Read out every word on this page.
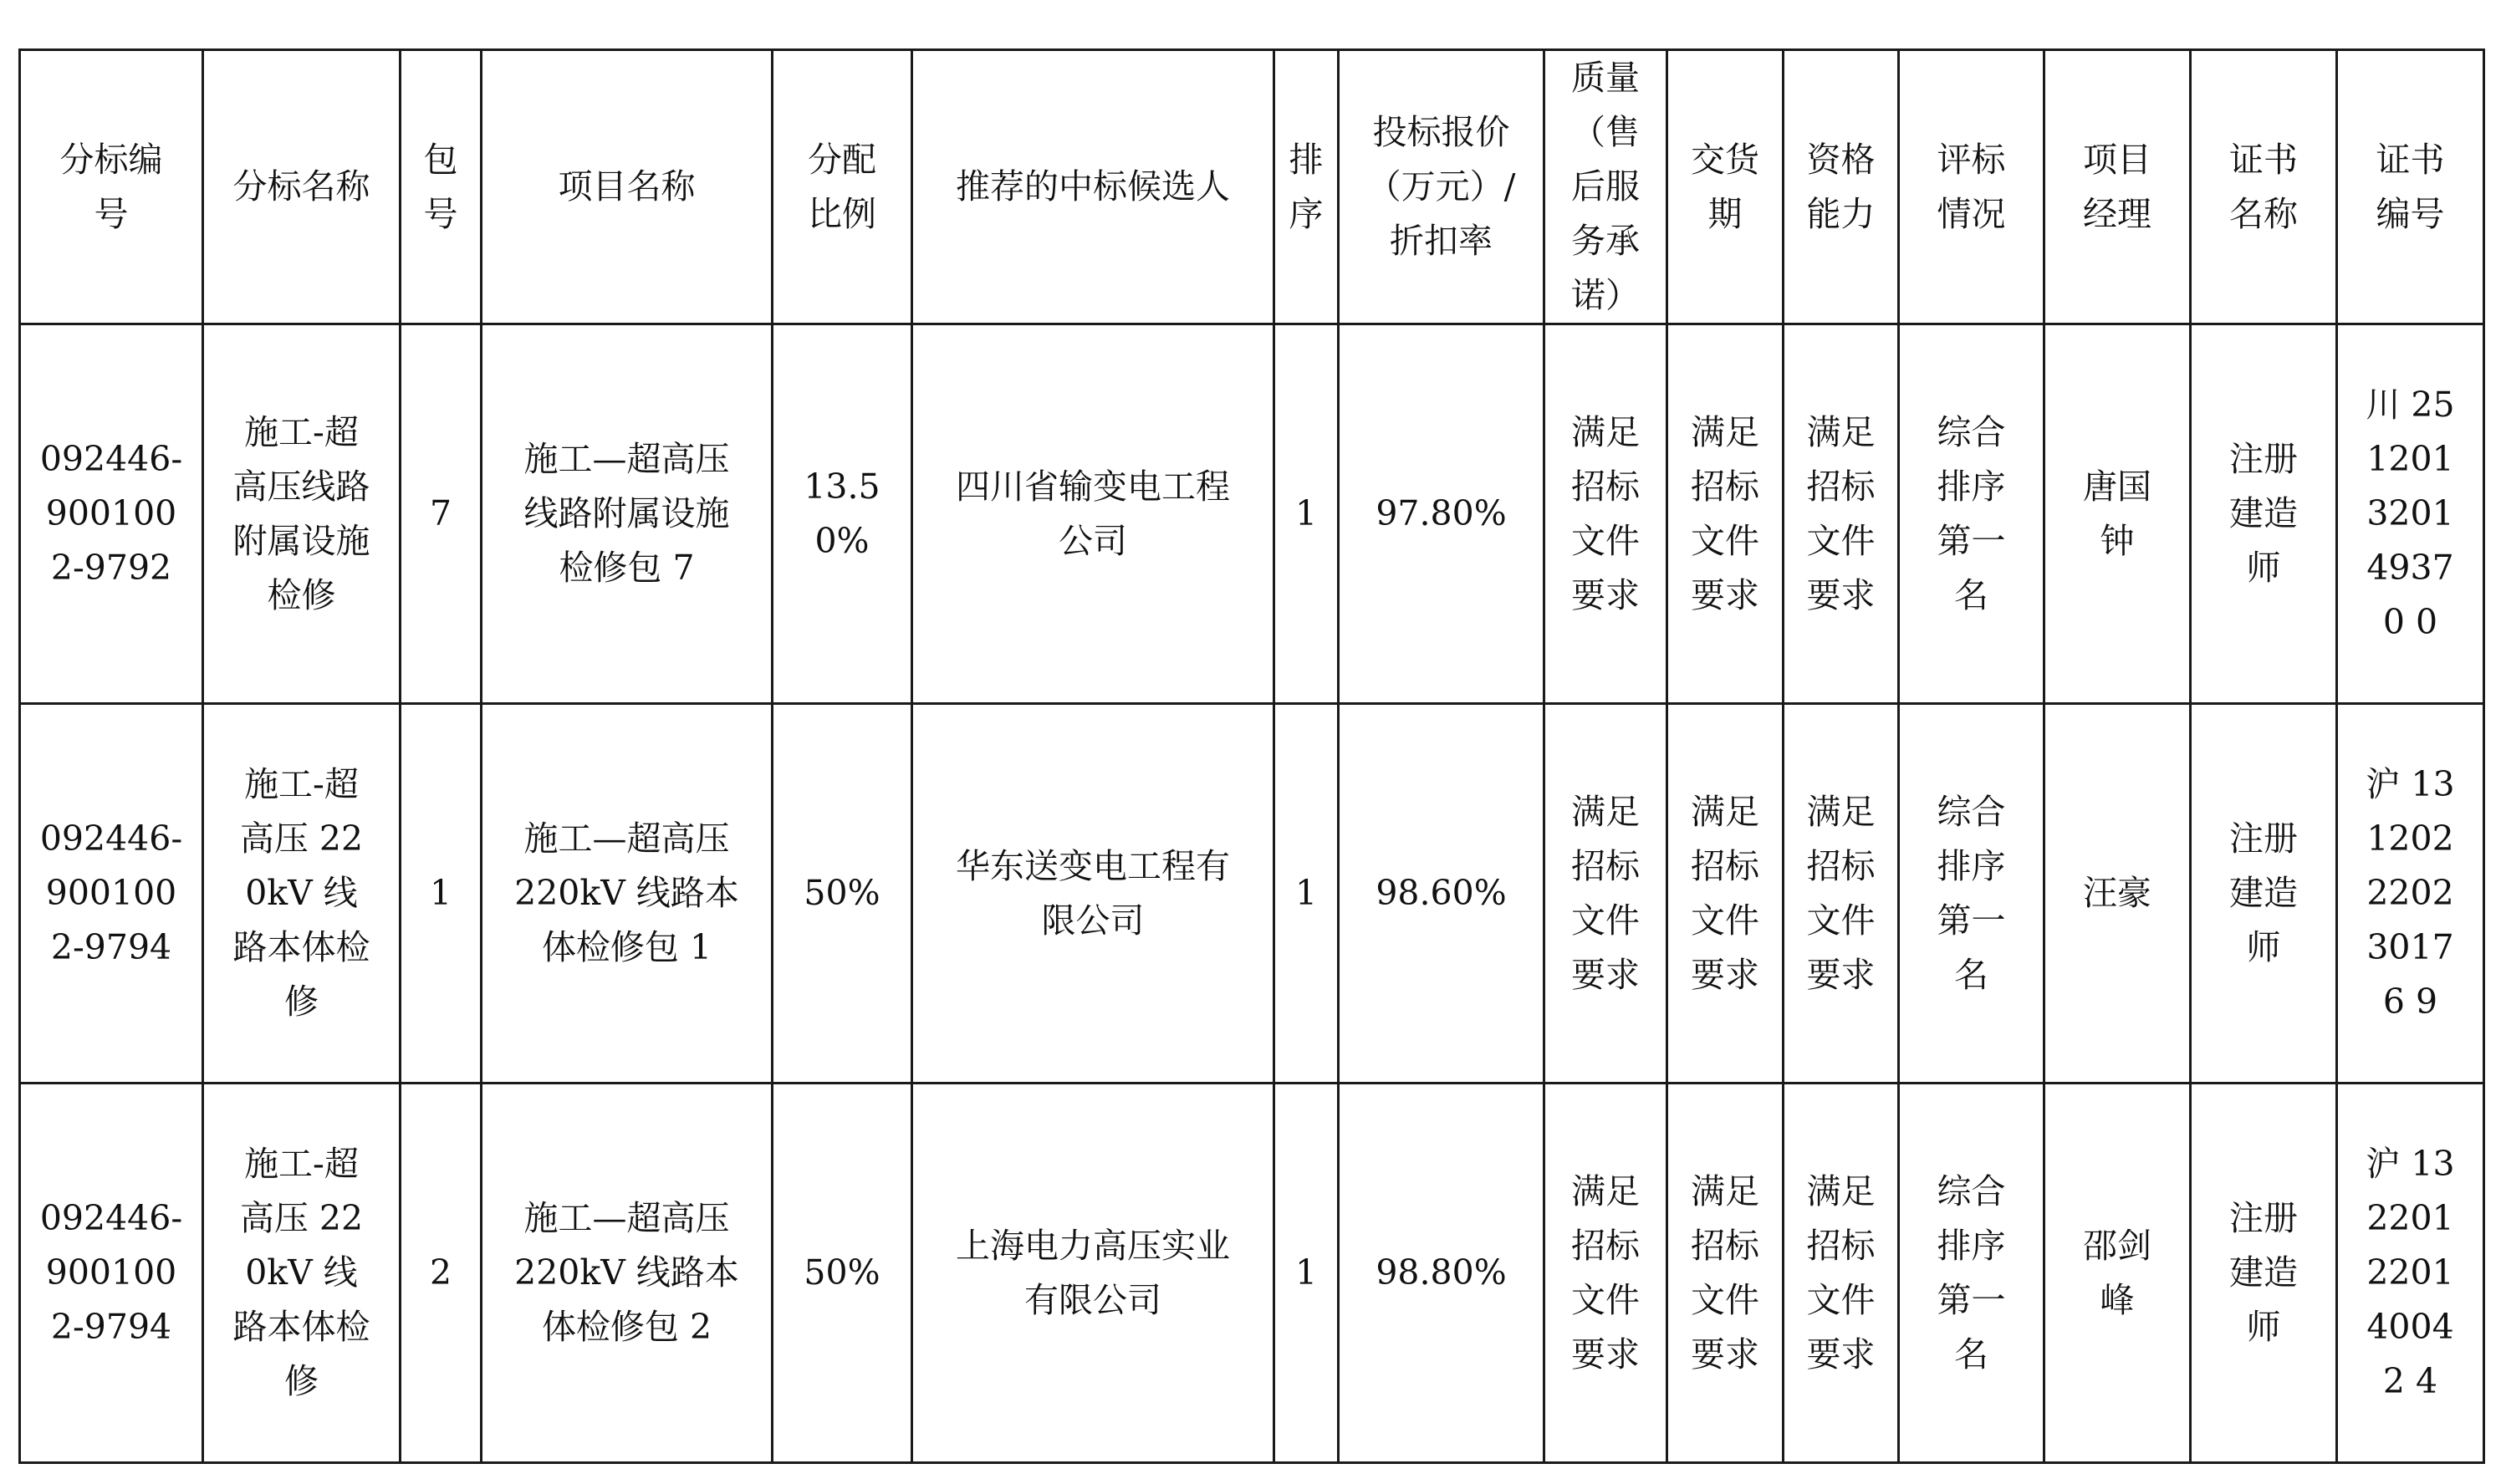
分标编号	分标名称	包号	项目名称	分配比例	推荐的中标候选人	排序	投标报价（万元）/折扣率	质量（售后服务承诺）	交货期	资格能力	评标情况	项目经理	证书名称	证书编号
092446-9001002-9792	施工-超高压线路附属设施检修	7	施工—超高压线路附属设施检修包 7	13.50%	四川省输变电工程公司	1	97.80%	满足招标文件要求	满足招标文件要求	满足招标文件要求	综合排序第一名	唐国钟	注册建造师	川 251201320149370 0
092446-9001002-9794	施工-超高压 220kV 线路本体检修	1	施工—超高压 220kV 线路本体检修包 1	50%	华东送变电工程有限公司	1	98.60%	满足招标文件要求	满足招标文件要求	满足招标文件要求	综合排序第一名	汪豪	注册建造师	沪 131202220230176 9
092446-9001002-9794	施工-超高压 220kV 线路本体检修	2	施工—超高压 220kV 线路本体检修包 2	50%	上海电力高压实业有限公司	1	98.80%	满足招标文件要求	满足招标文件要求	满足招标文件要求	综合排序第一名	邵剑峰	注册建造师	沪 132201220140042 4
